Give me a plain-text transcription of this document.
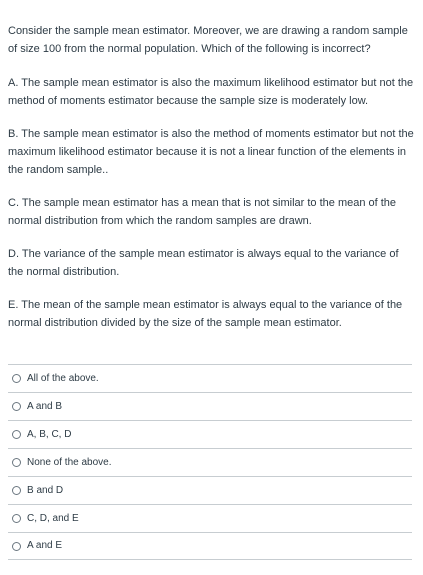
Consider the sample mean estimator. Moreover, we are drawing a random sample of size 100 from the normal population. Which of the following is incorrect?

A. The sample mean estimator is also the maximum likelihood estimator but not the method of moments estimator because the sample size is moderately low.

B. The sample mean estimator is also the method of moments estimator but not the maximum likelihood estimator because it is not a linear function of the elements in the random sample..

C. The sample mean estimator has a mean that is not similar to the mean of the normal distribution from which the random samples are drawn.

D. The variance of the sample mean estimator is always equal to the variance of the normal distribution.

E. The mean of the sample mean estimator is always equal to the variance of the normal distribution divided by the size of the sample mean estimator.

All of the above.
A and B
A, B, C, D
None of the above.
B and D
C, D, and E
A and E
